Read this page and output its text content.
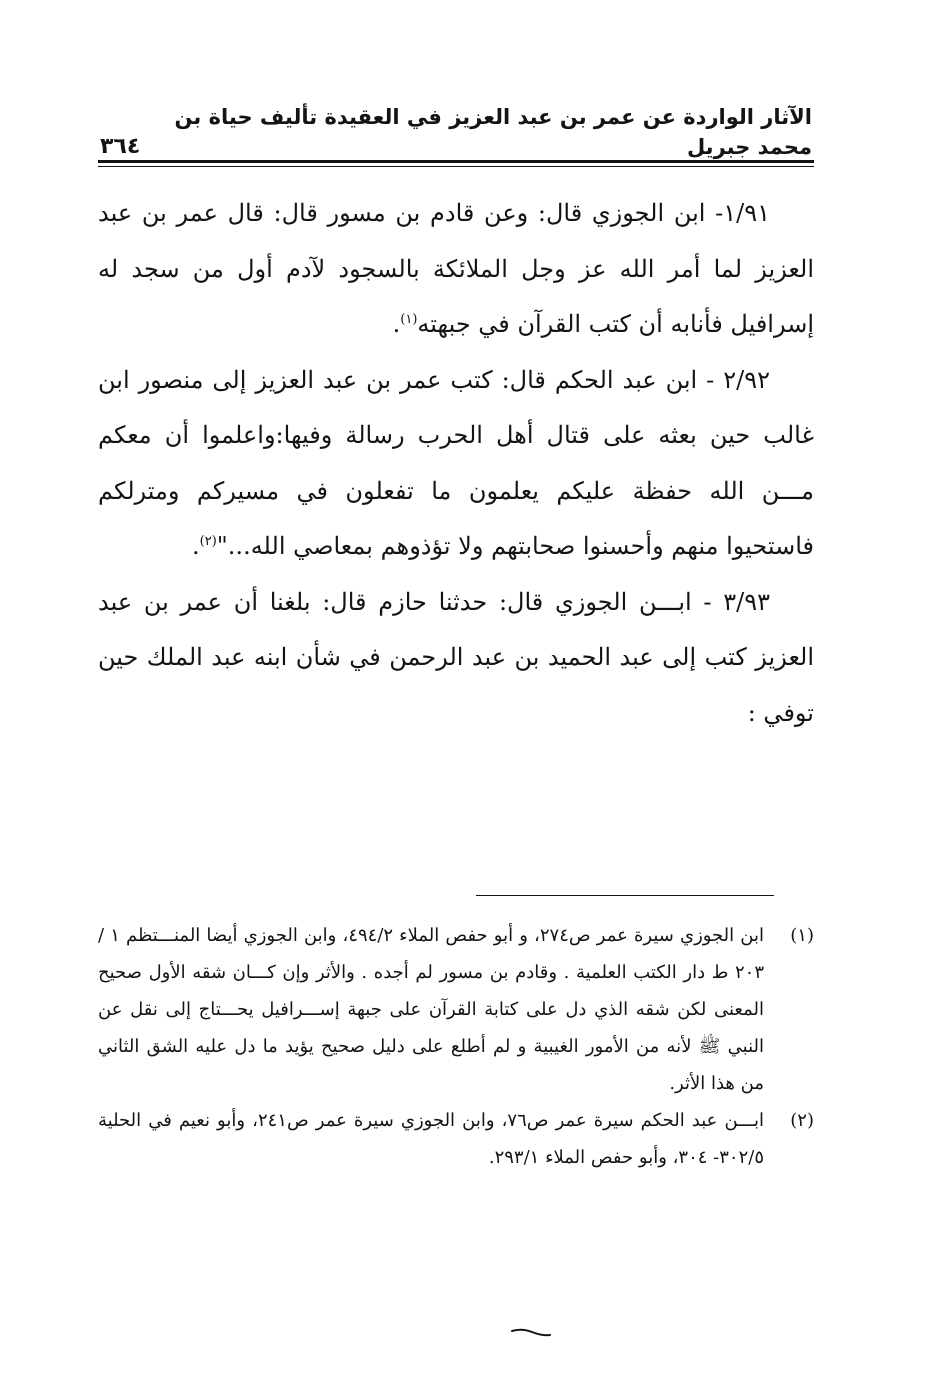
الآثار الواردة عن عمر بن عبد العزيز في العقيدة تأليف حياة بن محمد جبريل
٣٦٤

١/٩١- ابن الجوزي قال: وعن قادم بن مسور قال: قال عمر بن عبد العزيز لما أمر الله عز وجل الملائكة بالسجود لآدم أول من سجد له إسرافيل فأنابه أن كتب القرآن في جبهته$^{(١)}$.

٢/٩٢ - ابن عبد الحكم قال: كتب عمر بن عبد العزيز إلى منصور ابن غالب حين بعثه على قتال أهل الحرب رسالة وفيها:واعلموا أن معكم مـــن الله حفظة عليكم يعلمون ما تفعلون في مسيركم ومترلكم فاستحيوا منهم وأحسنوا صحابتهم ولا تؤذوهم بمعاصي الله..."$^{(٢)}$.

٣/٩٣ - ابـــن الجوزي قال: حدثنا حازم قال: بلغنا أن عمر بن عبد العزيز كتب إلى عبد الحميد بن عبد الرحمن في شأن ابنه عبد الملك حين توفي :

(١)
ابن الجوزي سيرة عمر ص٢٧٤، و أبو حفص الملاء ٤٩٤/٢، وابن الجوزي أيضا المنـــتظم ١ /٢٠٣ ط دار الكتب العلمية . وقادم بن مسور لم أجده . والأثر وإن كـــان شقه الأول صحيح المعنى لكن شقه الذي دل على كتابة القرآن على جبهة إســـرافيل يحـــتاج إلى نقل عن النبي ﷺ لأنه من الأمور الغيبية و لم أطلع على دليل صحيح يؤيد ما دل عليه الشق الثاني من هذا الأثر.
(٢)
ابـــن عبد الحكم سيرة عمر ص٧٦، وابن الجوزي سيرة عمر ص٢٤١، وأبو نعيم في الحلية ٣٠٢/٥- ٣٠٤، وأبو حفص الملاء ٢٩٣/١.
